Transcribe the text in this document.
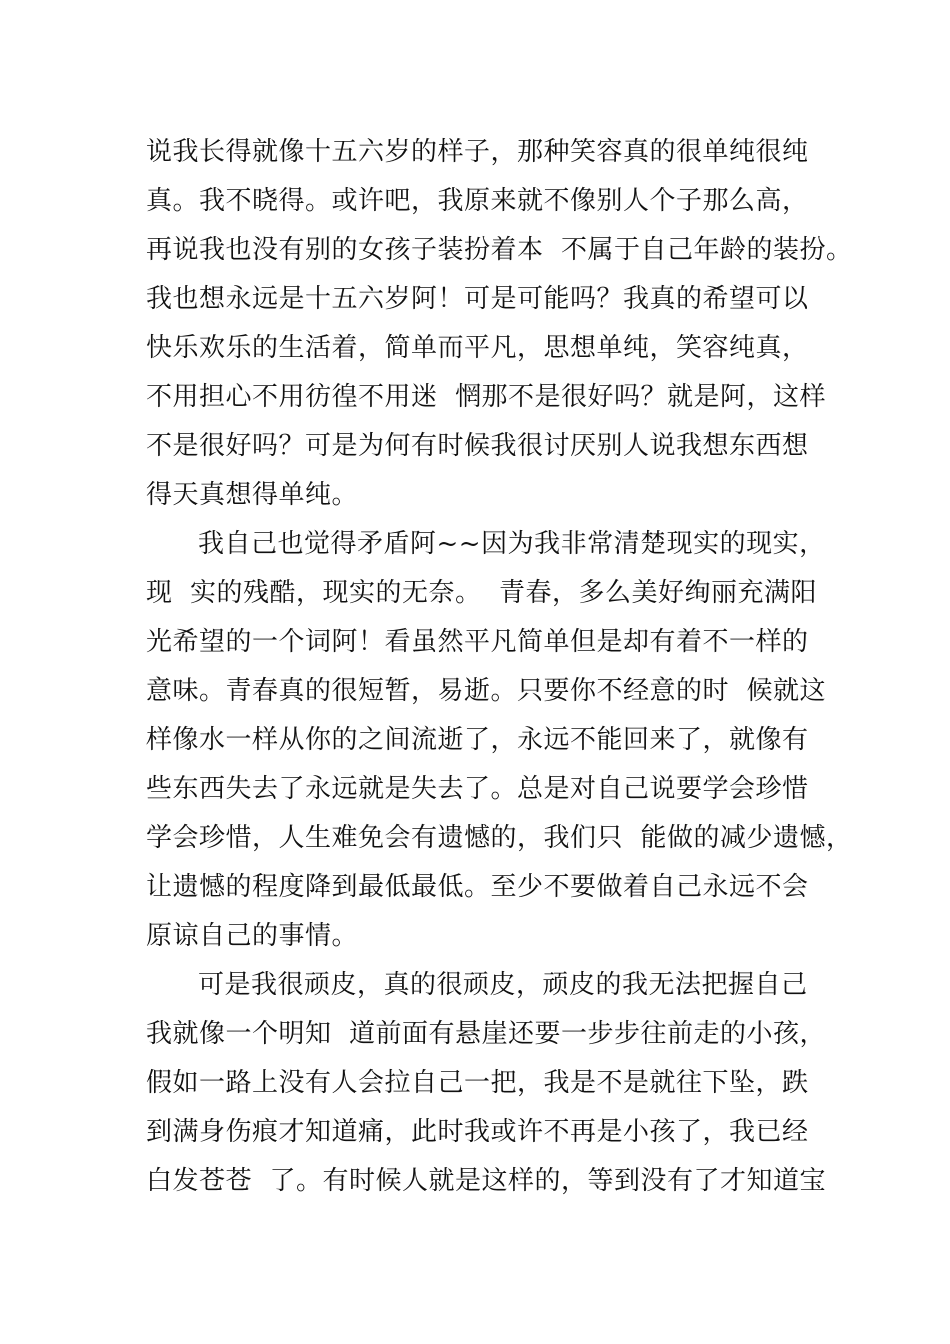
说我长得就像十五六岁的样子，那种笑容真的很单纯很纯
真。我不晓得。或许吧，我原来就不像别人个子那么高，
再说我也没有别的女孩子装扮着本  不属于自己年龄的装扮。
我也想永远是十五六岁阿！可是可能吗？我真的希望可以
快乐欢乐的生活着，简单而平凡，思想单纯，笑容纯真，
不用担心不用彷徨不用迷  惘那不是很好吗？就是阿，这样
不是很好吗？可是为何有时候我很讨厌别人说我想东西想
得天真想得单纯。
我自己也觉得矛盾阿~~因为我非常清楚现实的现实，
现  实的残酷，现实的无奈。  青春，多么美好绚丽充满阳
光希望的一个词阿！看虽然平凡简单但是却有着不一样的
意味。青春真的很短暂，易逝。只要你不经意的时  候就这
样像水一样从你的之间流逝了，永远不能回来了，就像有
些东西失去了永远就是失去了。总是对自己说要学会珍惜
学会珍惜，人生难免会有遗憾的，我们只  能做的减少遗憾，
让遗憾的程度降到最低最低。至少不要做着自己永远不会
原谅自己的事情。
可是我很顽皮，真的很顽皮，顽皮的我无法把握自己
我就像一个明知  道前面有悬崖还要一步步往前走的小孩，
假如一路上没有人会拉自己一把，我是不是就往下坠，跌
到满身伤痕才知道痛，此时我或许不再是小孩了，我已经
白发苍苍  了。有时候人就是这样的，等到没有了才知道宝
